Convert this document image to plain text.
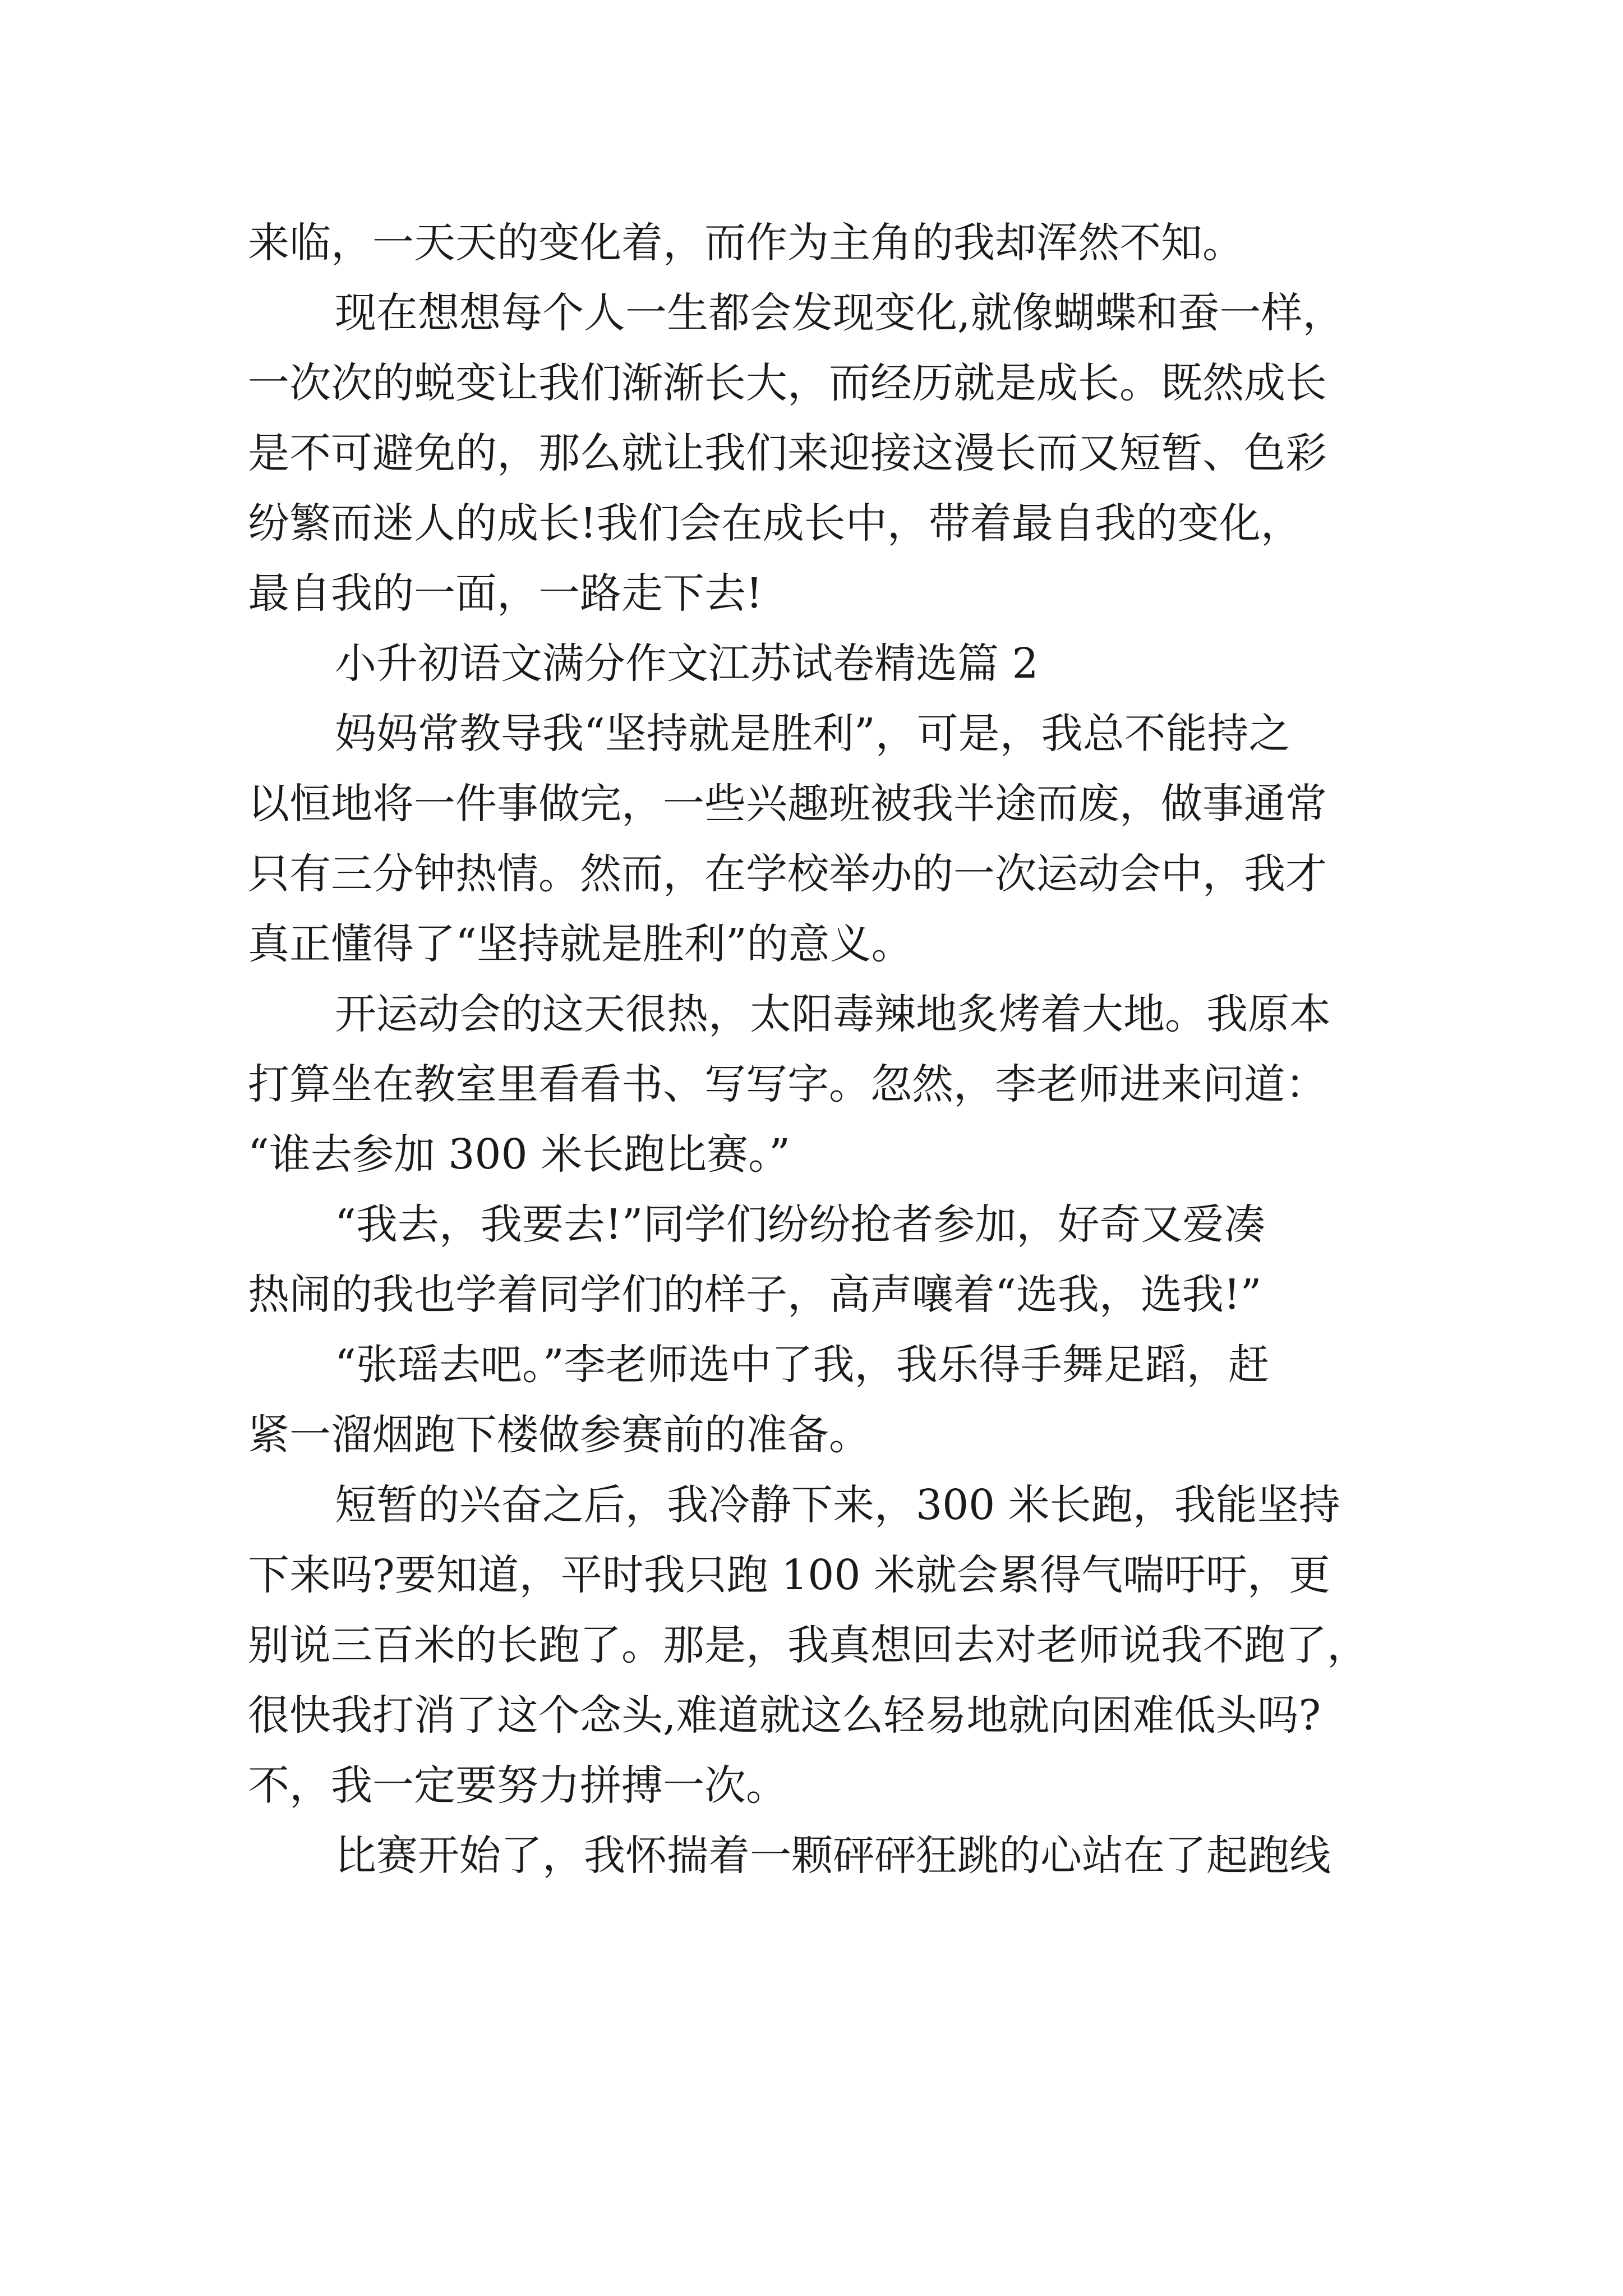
来临，一天天的变化着，而作为主角的我却浑然不知。
现在想想每个人一生都会发现变化,就像蝴蝶和蚕一样，
一次次的蜕变让我们渐渐长大，而经历就是成长。既然成长
是不可避免的，那么就让我们来迎接这漫长而又短暂、色彩
纷繁而迷人的成长!我们会在成长中，带着最自我的变化，
最自我的一面，一路走下去!
小升初语文满分作文江苏试卷精选篇 2
妈妈常教导我“坚持就是胜利”，可是，我总不能持之
以恒地将一件事做完，一些兴趣班被我半途而废，做事通常
只有三分钟热情。然而，在学校举办的一次运动会中，我才
真正懂得了“坚持就是胜利”的意义。
开运动会的这天很热，太阳毒辣地炙烤着大地。我原本
打算坐在教室里看看书、写写字。忽然，李老师进来问道：
“谁去参加 300 米长跑比赛。”
“我去，我要去!”同学们纷纷抢者参加，好奇又爱凑
热闹的我也学着同学们的样子，高声嚷着“选我，选我!”
“张瑶去吧。”李老师选中了我，我乐得手舞足蹈，赶
紧一溜烟跑下楼做参赛前的准备。
短暂的兴奋之后，我冷静下来，300 米长跑，我能坚持
下来吗?要知道，平时我只跑 100 米就会累得气喘吁吁，更
别说三百米的长跑了。那是，我真想回去对老师说我不跑了，
很快我打消了这个念头,难道就这么轻易地就向困难低头吗?
不，我一定要努力拼搏一次。
比赛开始了，我怀揣着一颗砰砰狂跳的心站在了起跑线
